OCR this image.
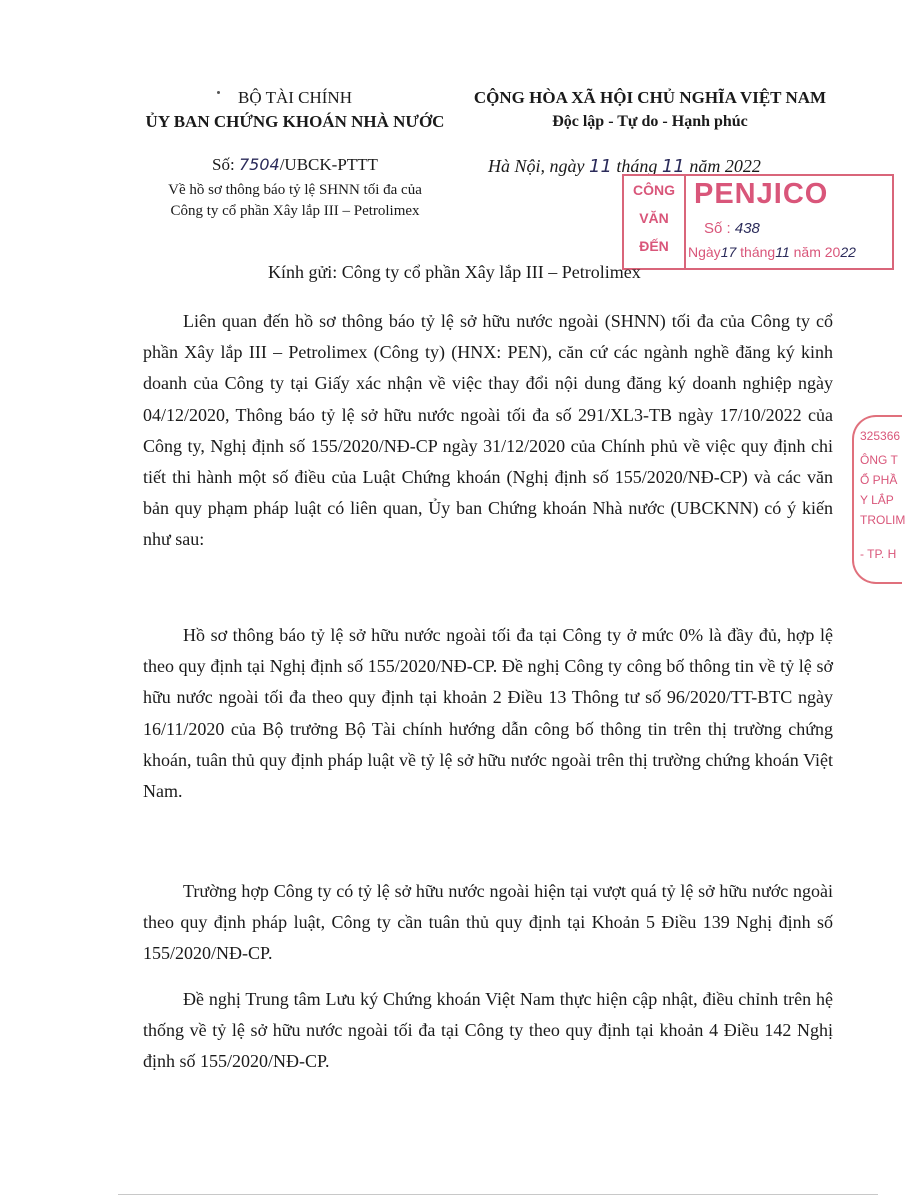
BỘ TÀI CHÍNH
ỦY BAN CHỨNG KHOÁN NHÀ NƯỚC
CỘNG HÒA XÃ HỘI CHỦ NGHĨA VIỆT NAM
Độc lập - Tự do - Hạnh phúc
Số: 7504/UBCK-PTTT
Về hồ sơ thông báo tỷ lệ SHNN tối đa của
Công ty cổ phần Xây lắp III – Petrolimex
Hà Nội, ngày 11 tháng 11 năm 2022
CÔNG
VĂN
ĐẾN
PENJICO
Số : 438
Ngày17 tháng11 năm 2022
325366
ÔNG T
Ổ PHẦ
Y LẮP
TROLIM
- TP. H
Kính gửi: Công ty cổ phần Xây lắp III – Petrolimex
Liên quan đến hồ sơ thông báo tỷ lệ sở hữu nước ngoài (SHNN) tối đa của Công ty cổ phần Xây lắp III – Petrolimex (Công ty) (HNX: PEN), căn cứ các ngành nghề đăng ký kinh doanh của Công ty tại Giấy xác nhận về việc thay đổi nội dung đăng ký doanh nghiệp ngày 04/12/2020, Thông báo tỷ lệ sở hữu nước ngoài tối đa số 291/XL3-TB ngày 17/10/2022 của Công ty, Nghị định số 155/2020/NĐ-CP ngày 31/12/2020 của Chính phủ về việc quy định chi tiết thi hành một số điều của Luật Chứng khoán (Nghị định số 155/2020/NĐ-CP) và các văn bản quy phạm pháp luật có liên quan, Ủy ban Chứng khoán Nhà nước (UBCKNN) có ý kiến như sau:
Hồ sơ thông báo tỷ lệ sở hữu nước ngoài tối đa tại Công ty ở mức 0% là đầy đủ, hợp lệ theo quy định tại Nghị định số 155/2020/NĐ-CP. Đề nghị Công ty công bố thông tin về tỷ lệ sở hữu nước ngoài tối đa theo quy định tại khoản 2 Điều 13 Thông tư số 96/2020/TT-BTC ngày 16/11/2020 của Bộ trưởng Bộ Tài chính hướng dẫn công bố thông tin trên thị trường chứng khoán, tuân thủ quy định pháp luật về tỷ lệ sở hữu nước ngoài trên thị trường chứng khoán Việt Nam.
Trường hợp Công ty có tỷ lệ sở hữu nước ngoài hiện tại vượt quá tỷ lệ sở hữu nước ngoài theo quy định pháp luật, Công ty cần tuân thủ quy định tại Khoản 5 Điều 139 Nghị định số 155/2020/NĐ-CP.
Đề nghị Trung tâm Lưu ký Chứng khoán Việt Nam thực hiện cập nhật, điều chỉnh trên hệ thống về tỷ lệ sở hữu nước ngoài tối đa tại Công ty theo quy định tại khoản 4 Điều 142 Nghị định số 155/2020/NĐ-CP.
